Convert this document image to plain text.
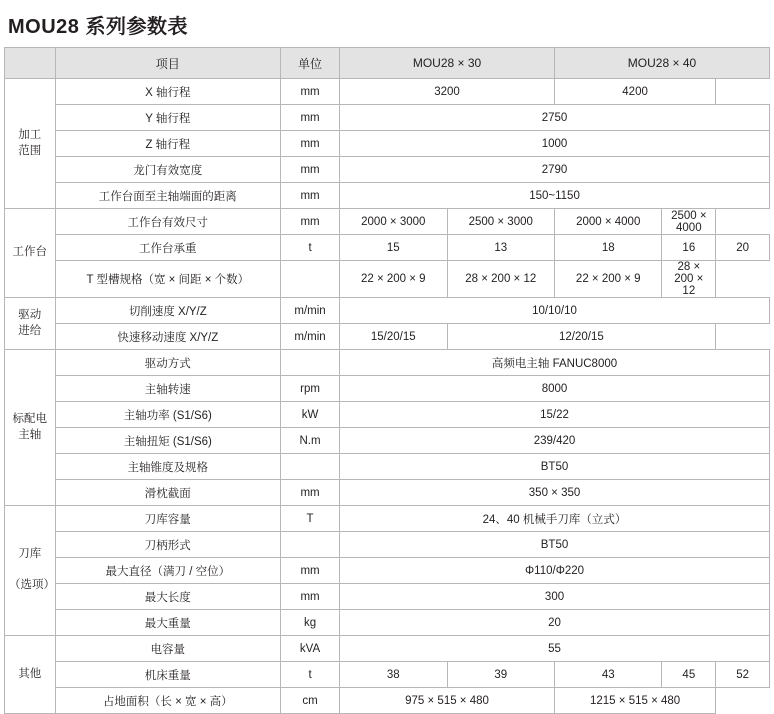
MOU28 系列参数表
	项目	单位	MOU28 × 30		MOU28 × 40		
加工
范围	X 轴行程	mm	3200		4200		
	Y 轴行程	mm	2750				
	Z 轴行程	mm	1000				
	龙门有效宽度	mm	2790				
	工作台面至主轴端面的距离	mm	150~1150				
工作台	工作台有效尺寸	mm	2000 × 3000	2500 × 3000	2000 × 4000	2500 × 4000	
	工作台承重	t	15	13	18	16	20
	T 型槽规格（宽 × 间距 × 个数）		22 × 200 × 9	28 × 200 × 12	22 × 200 × 9	28 × 200 × 12	
驱动
进给	切削速度 X/Y/Z	m/min	10/10/10				
	快速移动速度 X/Y/Z	m/min	15/20/15	12/20/15			
标配电
主轴	驱动方式		高频电主轴 FANUC8000				
	主轴转速	rpm	8000				
	主轴功率 (S1/S6)	kW	15/22				
	主轴扭矩 (S1/S6)	N.m	239/420				
	主轴锥度及规格		BT50				
	滑枕截面	mm	350 × 350				
刀库

（选项）	刀库容量	T	24、40 机械手刀库（立式）				
	刀柄形式		BT50				
	最大直径（满刀 / 空位）	mm	Φ110/Φ220				
	最大长度	mm	300				
	最大重量	kg	20				
其他	电容量	kVA	55				
	机床重量	t	38	39	43	45	52
	占地面积（长 × 宽 × 高）	cm	975 × 515 × 480		1215 × 515 × 480		
